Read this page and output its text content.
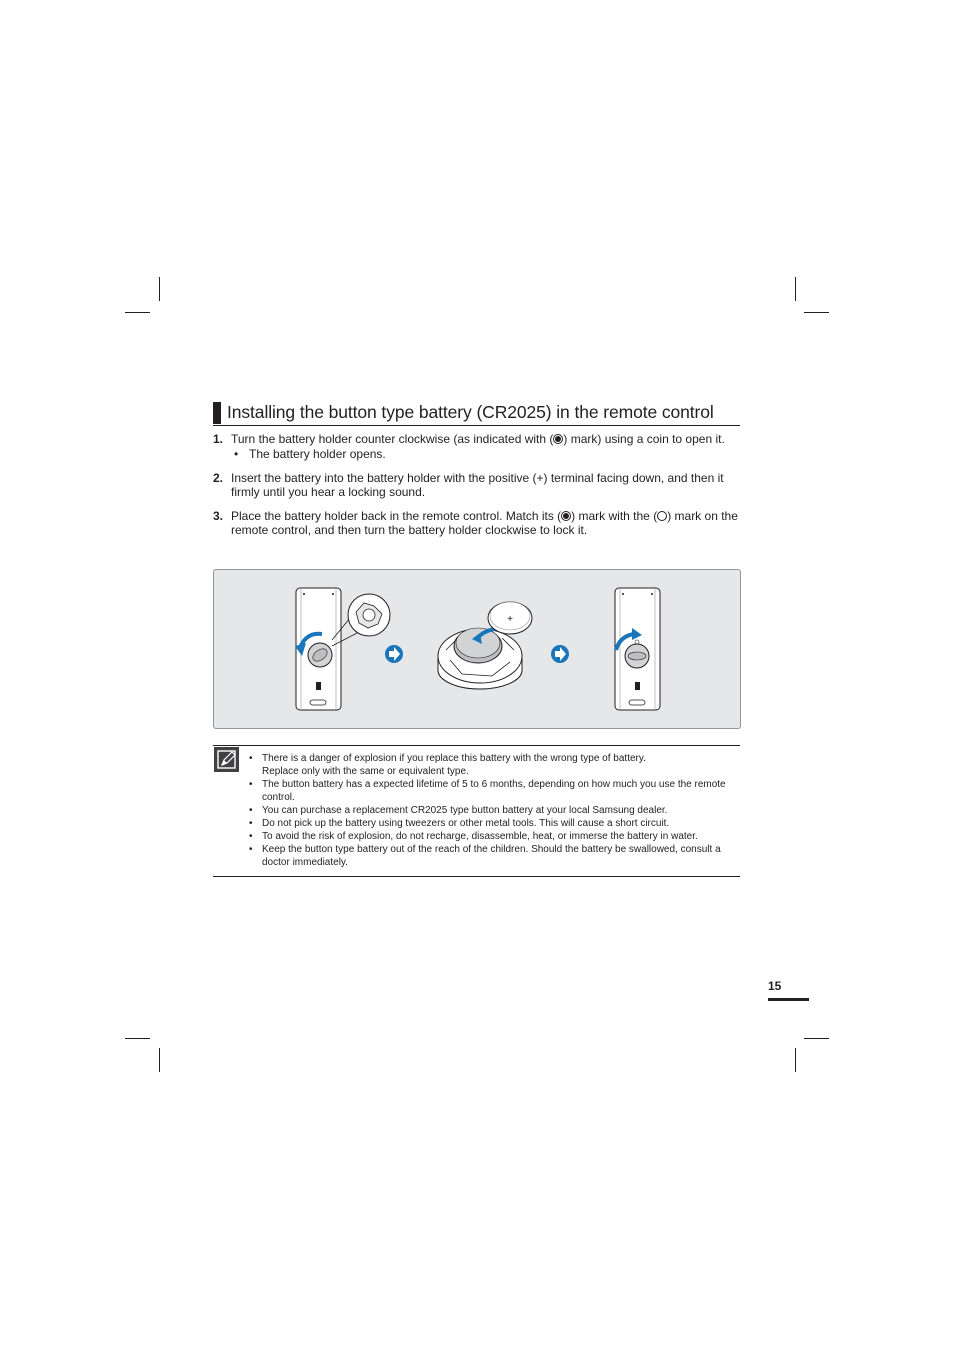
Installing the button type battery (CR2025) in the remote control
1. Turn the battery holder counter clockwise (as indicated with ( ) mark) using a coin to open it.
• The battery holder opens.
2. Insert the battery into the battery holder with the positive (+) terminal facing down, and then it firmly until you hear a locking sound.
3. Place the battery holder back in the remote control. Match its ( ) mark with the ( ) mark on the remote control, and then turn the battery holder clockwise to lock it.
+
• There is a danger of explosion if you replace this battery with the wrong type of battery.
Replace only with the same or equivalent type.
• The button battery has a expected lifetime of 5 to 6 months, depending on how much you use the remote control.
• You can purchase a replacement CR2025 type button battery at your local Samsung dealer.
• Do not pick up the battery using tweezers or other metal tools. This will cause a short circuit.
• To avoid the risk of explosion, do not recharge, disassemble, heat, or immerse the battery in water.
• Keep the button type battery out of the reach of the children. Should the battery be swallowed, consult a doctor immediately.
15
